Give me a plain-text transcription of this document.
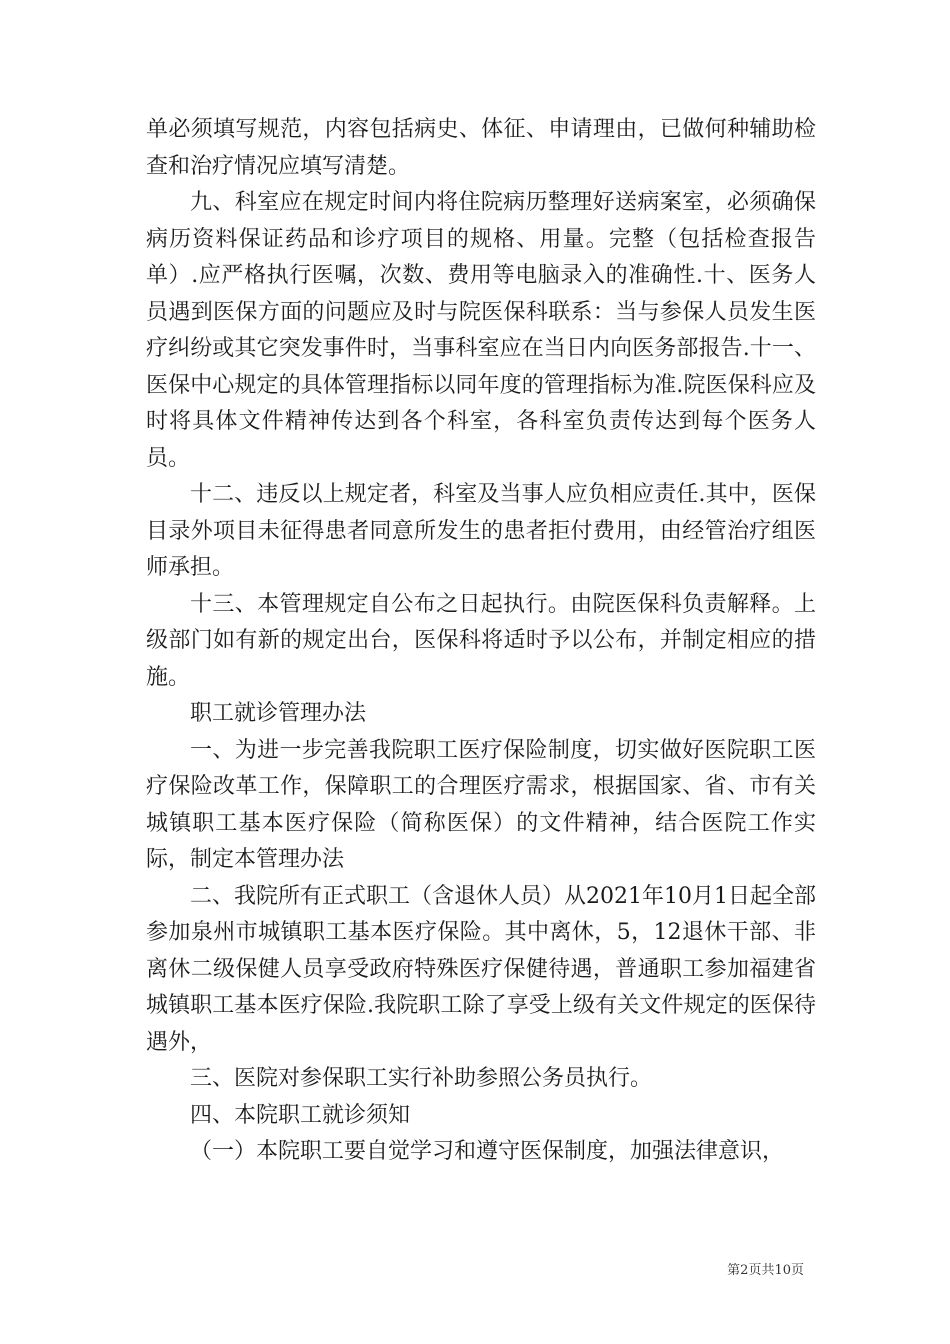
单必须填写规范，内容包括病史、体征、申请理由，已做何种辅助检查和治疗情况应填写清楚。

九、科室应在规定时间内将住院病历整理好送病案室，必须确保病历资料保证药品和诊疗项目的规格、用量。完整（包括检查报告单）.应严格执行医嘱，次数、费用等电脑录入的准确性.十、医务人员遇到医保方面的问题应及时与院医保科联系：当与参保人员发生医疗纠纷或其它突发事件时，当事科室应在当日内向医务部报告.十一、医保中心规定的具体管理指标以同年度的管理指标为准.院医保科应及时将具体文件精神传达到各个科室，各科室负责传达到每个医务人员。

十二、违反以上规定者，科室及当事人应负相应责任.其中，医保目录外项目未征得患者同意所发生的患者拒付费用，由经管治疗组医师承担。

十三、本管理规定自公布之日起执行。由院医保科负责解释。上级部门如有新的规定出台，医保科将适时予以公布，并制定相应的措施。

职工就诊管理办法

一、为进一步完善我院职工医疗保险制度，切实做好医院职工医疗保险改革工作，保障职工的合理医疗需求，根据国家、省、市有关城镇职工基本医疗保险（简称医保）的文件精神，结合医院工作实际，制定本管理办法

二、我院所有正式职工（含退休人员）从2021年10月1日起全部参加泉州市城镇职工基本医疗保险。其中离休，5，12退休干部、非离休二级保健人员享受政府特殊医疗保健待遇，普通职工参加福建省城镇职工基本医疗保险.我院职工除了享受上级有关文件规定的医保待遇外，

三、医院对参保职工实行补助参照公务员执行。

四、本院职工就诊须知

（一）本院职工要自觉学习和遵守医保制度，加强法律意识，

第2页共10页
